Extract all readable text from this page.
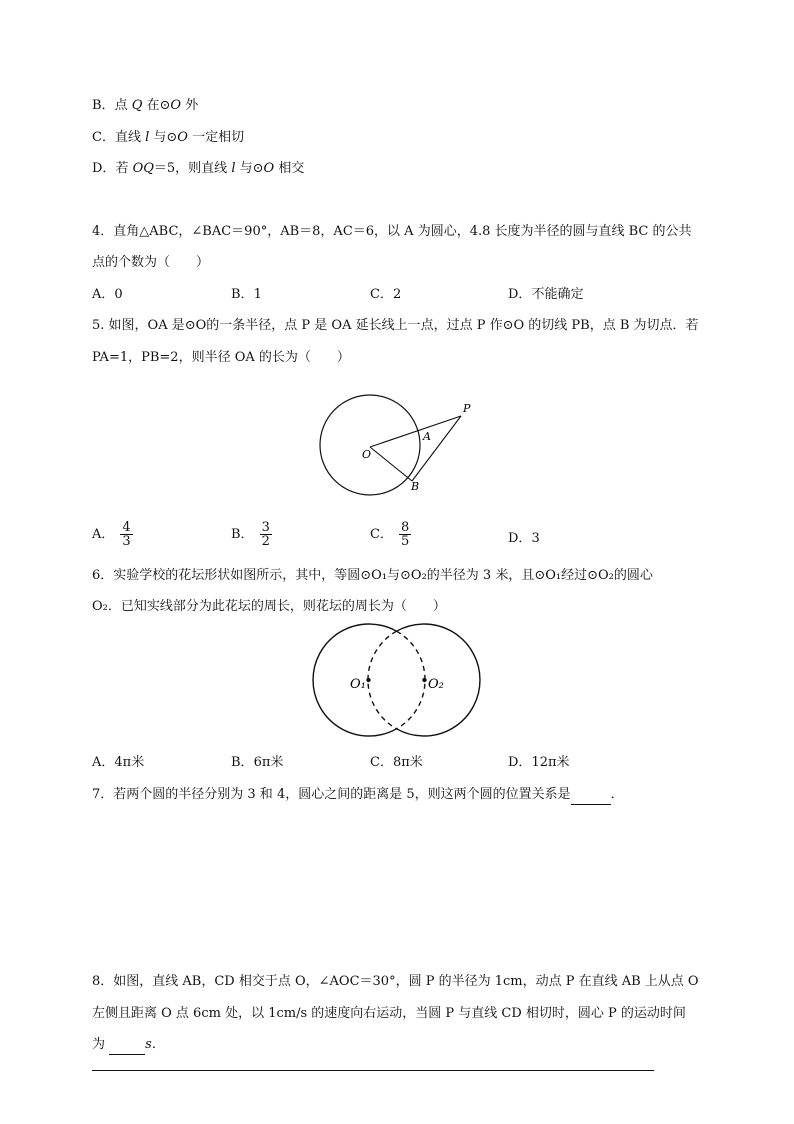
B．点 Q 在⊙O 外
C．直线 l 与⊙O 一定相切
D．若 OQ＝5，则直线 l 与⊙O 相交
4．直角△ABC，∠BAC＝90°，AB＝8，AC＝6，以 A 为圆心，4.8 长度为半径的圆与直线 BC 的公共
点的个数为（　　）
A．0	B．1	C．2	D．不能确定
5. 如图，OA 是⊙O的一条半径，点 P 是 OA 延长线上一点，过点 P 作⊙O 的切线 PB，点 B 为切点．若
PA=1，PB=2，则半径 OA 的长为（　　）
P
A
O
B
A． $\frac{4}{3}$	B． $\frac{3}{2}$	C． $\frac{8}{5}$	D．3
6．实验学校的花坛形状如图所示，其中，等圆⊙O₁与⊙O₂的半径为 3 米，且⊙O₁经过⊙O₂的圆心
O₂．已知实线部分为此花坛的周长，则花坛的周长为（　　）
O₁	O₂
A．4π米	B．6π米	C．8π米	D．12π米
7．若两个圆的半径分别为 3 和 4，圆心之间的距离是 5，则这两个圆的位置关系是	．
8．如图，直线 AB，CD 相交于点 O，∠AOC＝30°，圆 P 的半径为 1cm，动点 P 在直线 AB 上从点 O
左侧且距离 O 点 6cm 处，以 1cm/s 的速度向右运动，当圆 P 与直线 CD 相切时，圆心 P 的运动时间
为	s．
